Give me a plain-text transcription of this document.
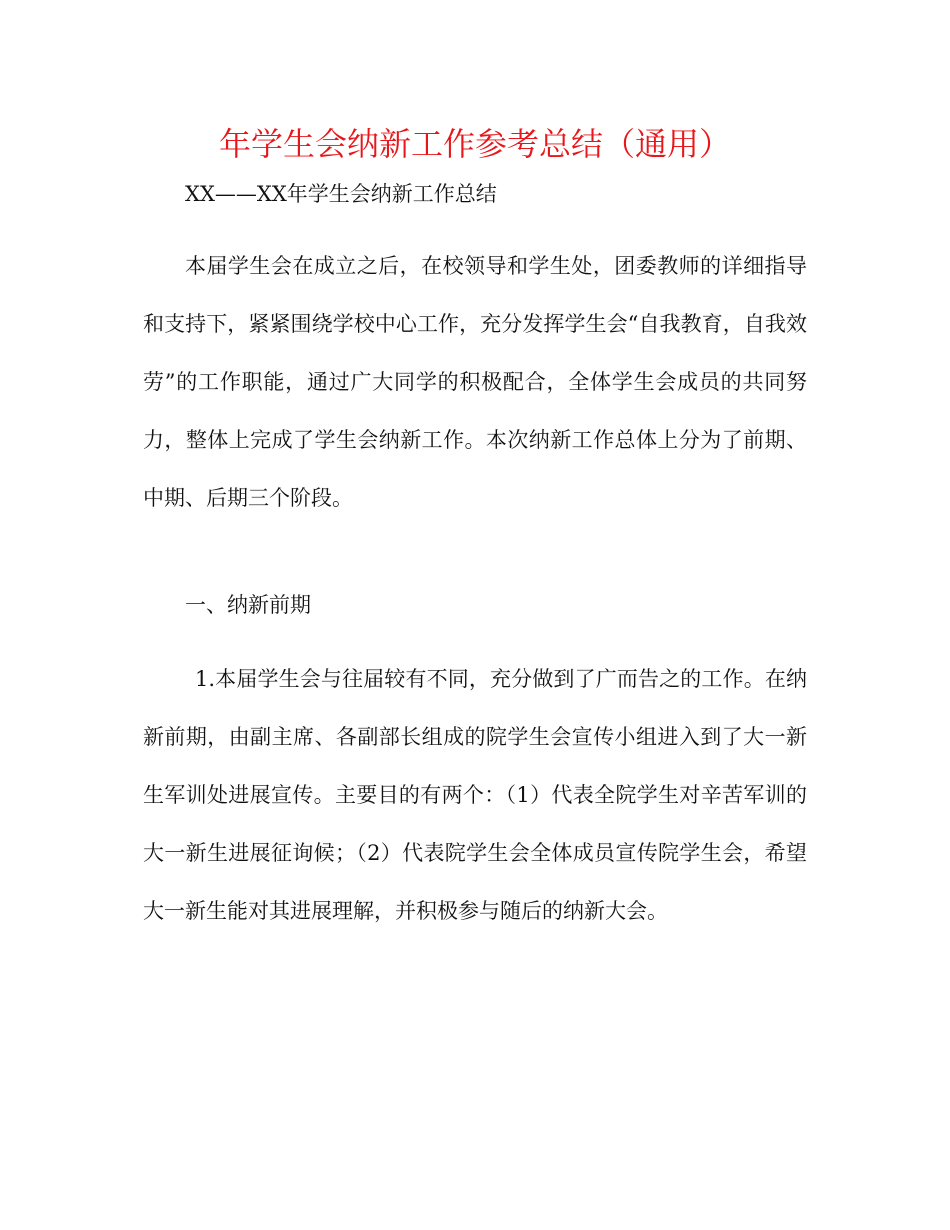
年学生会纳新工作参考总结（通用）

XX——XX年学生会纳新工作总结

本届学生会在成立之后，在校领导和学生处，团委教师的详细指导和支持下，紧紧围绕学校中心工作，充分发挥学生会“自我教育，自我效劳”的工作职能，通过广大同学的积极配合，全体学生会成员的共同努力，整体上完成了学生会纳新工作。本次纳新工作总体上分为了前期、中期、后期三个阶段。

一、纳新前期

1.本届学生会与往届较有不同，充分做到了广而告之的工作。在纳新前期，由副主席、各副部长组成的院学生会宣传小组进入到了大一新生军训处进展宣传。主要目的有两个：（1）代表全院学生对辛苦军训的大一新生进展征询候；（2）代表院学生会全体成员宣传院学生会，希望大一新生能对其进展理解，并积极参与随后的纳新大会。
